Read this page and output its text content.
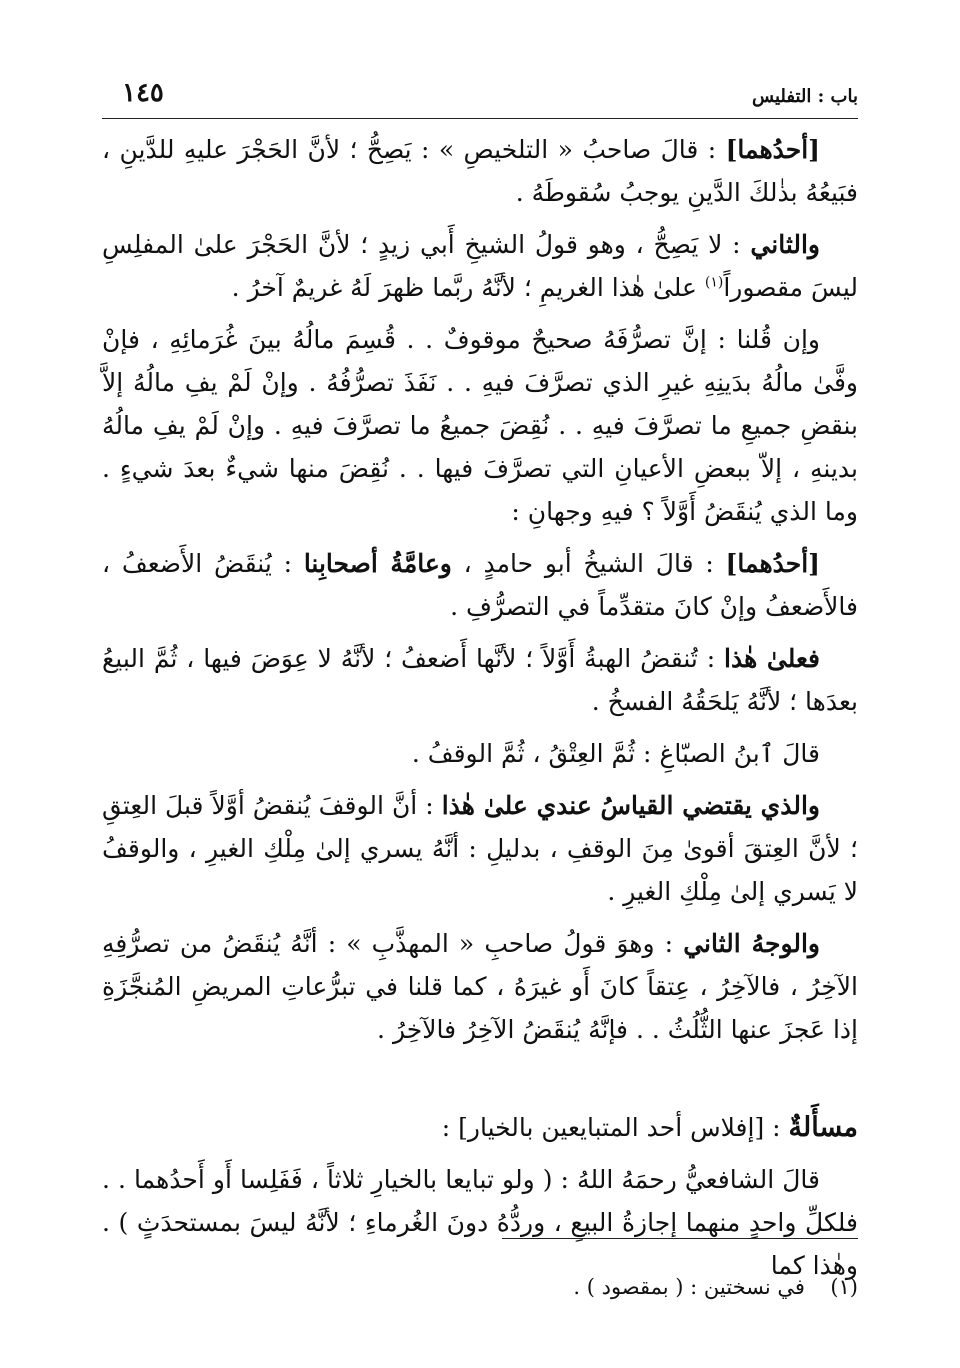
باب : التفليس
١٤٥

[أحدُهما] : قالَ صاحبُ « التلخيصِ » : يَصِحُّ ؛ لأنَّ الحَجْرَ عليهِ للدَّينِ ، فبَيعُهُ بذٰلكَ الدَّينِ يوجبُ سُقوطَهُ .

والثاني : لا يَصِحُّ ، وهو قولُ الشيخِ أَبي زيدٍ ؛ لأنَّ الحَجْرَ علىٰ المفلِسِ ليسَ مقصوراً$^{(١)}$ علىٰ هٰذا الغريمِ ؛ لأنَّهُ ربَّما ظهرَ لَهُ غريمٌ آخرُ .

وإن قُلنا : إنَّ تصرُّفَهُ صحيحٌ موقوفٌ . . قُسِمَ مالُهُ بينَ غُرَمائِهِ ، فإنْ وفَّىٰ مالُهُ بدَينِهِ غيرِ الذي تصرَّفَ فيهِ . . نَفَذَ تصرُّفُهُ . وإنْ لَمْ يفِ مالُهُ إلاَّ بنقضِ جميعِ ما تصرَّفَ فيهِ . . نُقِضَ جميعُ ما تصرَّفَ فيهِ . وإنْ لَمْ يفِ مالُهُ بدينهِ ، إلاّ ببعضِ الأعيانِ التي تصرَّفَ فيها . . نُقِضَ منها شيءٌ بعدَ شيءٍ . وما الذي يُنقَضُ أَوَّلاً ؟ فيهِ وجهانِ :

[أحدُهما] : قالَ الشيخُ أبو حامدٍ ، وعامَّةُ أصحابِنا : يُنقَضُ الأَضعفُ ، فالأَضعفُ وإنْ كانَ متقدِّماً في التصرُّفِ .

فعلىٰ هٰذا : تُنقضُ الهبةُ أَوَّلاً ؛ لأنَّها أَضعفُ ؛ لأنَّهُ لا عِوَضَ فيها ، ثُمَّ البيعُ بعدَها ؛ لأنَّهُ يَلحَقُهُ الفسخُ .

قالَ ٱبنُ الصبّاغِ : ثُمَّ العِتْقُ ، ثُمَّ الوقفُ .

والذي يقتضي القياسُ عندي علىٰ هٰذا : أنَّ الوقفَ يُنقضُ أوَّلاً قبلَ العِتقِ ؛ لأنَّ العِتقَ أقوىٰ مِنَ الوقفِ ، بدليلِ : أنَّهُ يسري إلىٰ مِلْكِ الغيرِ ، والوقفُ لا يَسري إلىٰ مِلْكِ الغيرِ .

والوجهُ الثاني : وهوَ قولُ صاحبِ « المهذَّبِ » : أنَّهُ يُنقَضُ من تصرُّفِهِ الآخِرُ ، فالآخِرُ ، عِتقاً كانَ أَو غيرَهُ ، كما قلنا في تبرُّعاتِ المريضِ المُنجَّزَةِ إذا عَجزَ عنها الثُّلُثُ . . فإنَّهُ يُنقَضُ الآخِرُ فالآخِرُ .

مسأَلةٌ : [إفلاس أحد المتبايعين بالخيار] :

قالَ الشافعيُّ رحمَهُ اللهُ : ( ولو تبايعا بالخيارِ ثلاثاً ، فَفَلِسا أَو أَحدُهما . . فلكلِّ واحدٍ منهما إجازةُ البيعِ ، وردُّهُ دونَ الغُرماءِ ؛ لأنَّهُ ليسَ بمستحدَثٍ ) . وهٰذا كما

(١)  في نسختين : ( بمقصود ) .
